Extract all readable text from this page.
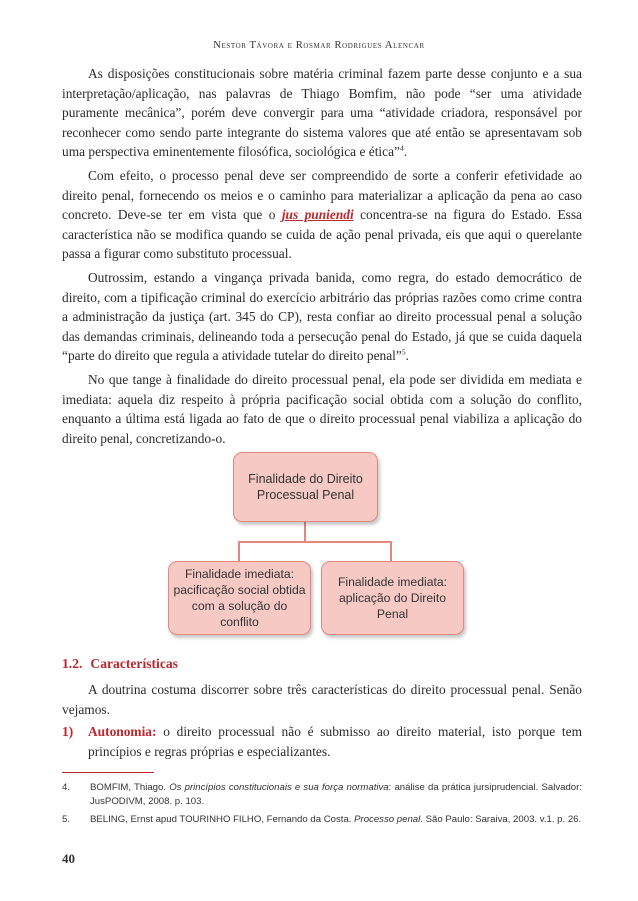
Nestor Távora e Rosmar Rodrigues Alencar

As disposições constitucionais sobre matéria criminal fazem parte desse conjunto e a sua interpretação/aplicação, nas palavras de Thiago Bomfim, não pode “ser uma atividade puramente mecânica”, porém deve convergir para uma “atividade criadora, responsável por reconhecer como sendo parte integrante do sistema valores que até então se apresentavam sob uma perspectiva eminentemente filosófica, sociológica e ética”$^4$.

Com efeito, o processo penal deve ser compreendido de sorte a conferir efetividade ao direito penal, fornecendo os meios e o caminho para materializar a aplicação da pena ao caso concreto. Deve-se ter em vista que o jus puniendi concentra-se na figura do Estado. Essa característica não se modifica quando se cuida de ação penal privada, eis que aqui o querelante passa a figurar como substituto processual.

Outrossim, estando a vingança privada banida, como regra, do estado democrático de direito, com a tipificação criminal do exercício arbitrário das próprias razões como crime contra a administração da justiça (art. 345 do CP), resta confiar ao direito processual penal a solução das demandas criminais, delineando toda a persecução penal do Estado, já que se cuida daquela “parte do direito que regula a atividade tutelar do direito penal”$^5$.

No que tange à finalidade do direito processual penal, ela pode ser dividida em mediata e imediata: aquela diz respeito à própria pacificação social obtida com a solução do conflito, enquanto a última está ligada ao fato de que o direito processual penal viabiliza a aplicação do direito penal, concretizando-o.

Finalidade do Direito
Processual Penal
Finalidade imediata:
pacificação social obtida
com a solução do
conflito
Finalidade imediata:
aplicação do Direito
Penal
1.2. Características

A doutrina costuma discorrer sobre três características do direito processual penal. Senão vejamos.

1) Autonomia: o direito processual não é submisso ao direito material, isto porque tem princípios e regras próprias e especializantes.
4. BOMFIM, Thiago. Os princípios constitucionais e sua força normativa: análise da prática jursiprudencial. Salvador: JusPODIVM, 2008. p. 103.
5. BELING, Ernst apud TOURINHO FILHO, Fernando da Costa. Processo penal. São Paulo: Saraiva, 2003. v.1. p. 26.
40
